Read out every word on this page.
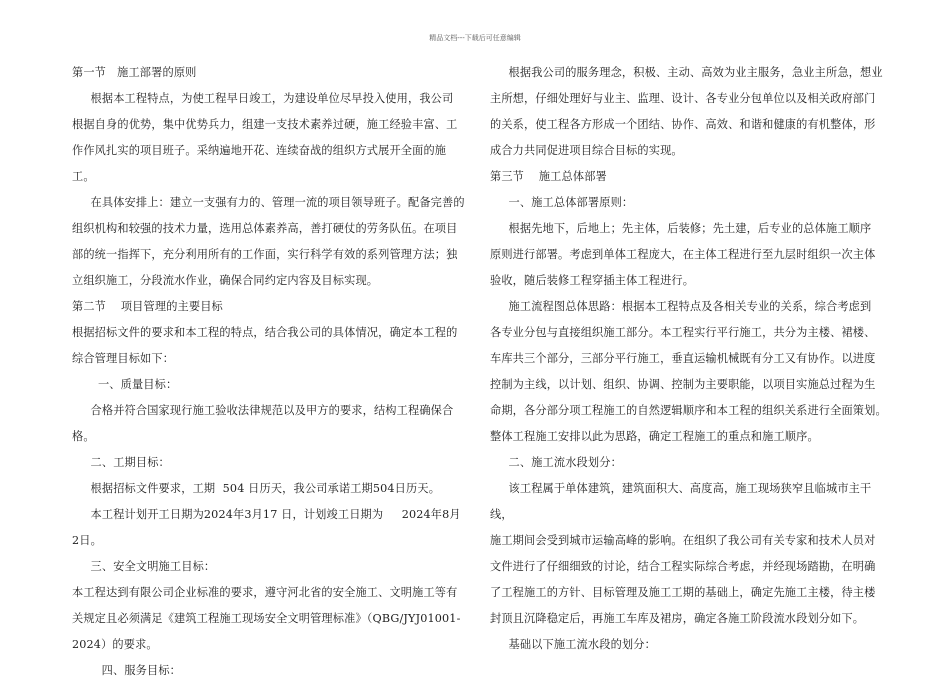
精品文档---下载后可任意编辑

第一节   施工部署的原则

根据本工程特点，为使工程早日竣工，为建设单位尽早投入使用，我公司

根据自身的优势，集中优势兵力，组建一支技术素养过硬，施工经验丰富、工

作作风扎实的项目班子。采纳遍地开花、连续奋战的组织方式展开全面的施工。

在具体安排上：建立一支强有力的、管理一流的项目领导班子。配备完善的

组织机构和较强的技术力量，选用总体素养高，善打硬仗的劳务队伍。在项目

部的统一指挥下，充分利用所有的工作面，实行科学有效的系列管理方法；独

立组织施工，分段流水作业，确保合同约定内容及目标实现。

第二节    项目管理的主要目标

根据招标文件的要求和本工程的特点，结合我公司的具体情况，确定本工程的

综合管理目标如下：

一、质量目标：

合格并符合国家现行施工验收法律规范以及甲方的要求，结构工程确保合格。

二、工期目标：

根据招标文件要求，工期  504 日历天，我公司承诺工期504日历天。

本工程计划开工日期为2024年3月17 日，计划竣工日期为     2024年8月

2日。

三、安全文明施工目标：

本工程达到有限公司企业标准的要求，遵守河北省的安全施工、文明施工等有

关规定且必须满足《建筑工程施工现场安全文明管理标准》（QBG/JYJ01001-

2024）的要求。

四、服务目标：

根据我公司的服务理念，积极、主动、高效为业主服务，急业主所急，想业

主所想，仔细处理好与业主、监理、设计、各专业分包单位以及相关政府部门

的关系，使工程各方形成一个团结、协作、高效、和谐和健康的有机整体，形

成合力共同促进项目综合目标的实现。

第三节    施工总体部署

一、施工总体部署原则：

根据先地下，后地上；先主体，后装修；先土建，后专业的总体施工顺序

原则进行部署。考虑到单体工程庞大，在主体工程进行至九层时组织一次主体

验收，随后装修工程穿插主体工程进行。

施工流程图总体思路：根据本工程特点及各相关专业的关系，综合考虑到

各专业分包与直接组织施工部分。本工程实行平行施工，共分为主楼、裙楼、

车库共三个部分，三部分平行施工，垂直运输机械既有分工又有协作。以进度

控制为主线，以计划、组织、协调、控制为主要职能，以项目实施总过程为生

命期，各分部分项工程施工的自然逻辑顺序和本工程的组织关系进行全面策划。

整体工程施工安排以此为思路，确定工程施工的重点和施工顺序。

二、施工流水段划分：

该工程属于单体建筑，建筑面积大、高度高，施工现场狭窄且临城市主干线，

施工期间会受到城市运输高峰的影响。在组织了我公司有关专家和技术人员对

文件进行了仔细细致的讨论，结合工程实际综合考虑，并经现场踏勘，在明确

了工程施工的方针、目标管理及施工工期的基础上，确定先施工主楼，待主楼

封顶且沉降稳定后，再施工车库及裙房，确定各施工阶段流水段划分如下。

基础以下施工流水段的划分：
